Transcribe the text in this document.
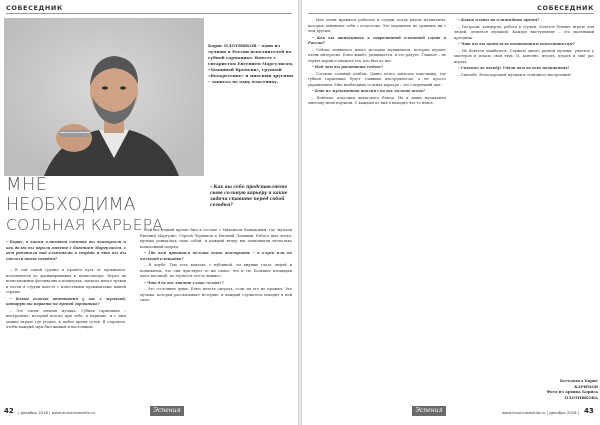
СОБЕСЕДНИК
Борис ПЛОТНИКОВ – один из лучших в России исполнителей на губной гармонике. Вместе с гитаристом Евгением Маргулисом, «Машиной Времени», группой «Воскресение» и многими другими – записал не одну пластинку.
МНЕ
НЕОБХОДИМА
СОЛЬНАЯ КАРЬЕРА
– Как вы себе представляете свою сольную карьеру и какие задачи ставите перед собой сегодня?
– Борис, в каком блюзовом составе вы выступали и как долго вы играли вместе с Евгением Маргулисом, с кем работали над альбомами в студии и что бы вы сделали иначе сегодня?

– В той самой группе я прошёл путь от музыканта-исполнителя до аранжировщика и композитора. Играл на всевозможных фестивалях и концертах, записал много треков и песен в студии вместе с известными музыкантами нашей страны.

– Какие особые отношения у вас с музыкой, которую вы играете на губной гармонике?

– Это очень личная музыка. Губная гармоника – инструмент, который всегда при тебе, в кармане, и с ним можно играть где угодно, в любое время суток. Я стараюсь, чтобы каждый звук был живым и настоящим.

Мой последний проект был в составе с Михаилом Башаковым, где звучали Евгений Маргулис, Сергей Черняков и Евгений Ломакин. Работа шла легко, музыка рождалась сама собой, и каждый вечер мы записывали несколько композиций подряд.

– Где вам нравится больше всего выступать – в клубе или на большой площадке?

– В клубе. Там есть контакт с публикой, ты видишь глаза людей и понимаешь, что они чувствуют то же самое, что и ты. Большие площадки дают масштаб, но теряется что-то важное.

– Что для вас значит слово «блюз»?

– Это состояние души. Блюз нельзя сыграть, если ты его не прожил. Это музыка, которая рассказывает историю, и каждый слушатель находит в ней свою.

42 | декабрь 2018 | www.musicnewsinfo.ru	Эспения
СОБЕСЕДНИК

– Мне очень нравится работать в студии, когда рядом музыканты, которые понимают тебя с полуслова. Это ощущение не сравнить ни с чем другим.

– Как вы относитесь к современной блюзовой сцене в России?

– Сейчас появилось много молодых музыкантов, которые играют очень интересно. Блюз живёт, развивается, и это радует. Главное – не терять корни и уважать тех, кто был до нас.

– Над чем вы работаете сейчас?

– Готовлю сольный альбом. Давно хотел записать пластинку, где губная гармоника будет главным инструментом, а не просто украшением. Мне необходима сольная карьера – это следующий шаг.

– Кто из музыкантов повлиял на вас больше всего?

– Конечно, классики чикагского блюза. Но и наши музыканты многому меня научили. С каждым из них я находил что-то новое.

– Какие планы на ближайшее время?

– Гастроли, концерты, работа в студии. Хочется больше играть для людей, делиться музыкой. Каждое выступление – это маленький праздник.

– Что бы вы пожелали начинающим исполнителям?

– Не бояться ошибаться. Слушать много разной музыки, учиться у мастеров и искать свой звук. И, конечно, играть, играть и ещё раз играть.

– Спасибо за беседу! Удачи вам во всех начинаниях!

– Спасибо. Всем хорошей музыки и отличного настроения!

Эспения	www.musicnewsinfo.ru | декабрь 2018 | 43
Беседовал Борис КАРИМОВ
Фото из архива Бориса ПЛОТНИКОВА
